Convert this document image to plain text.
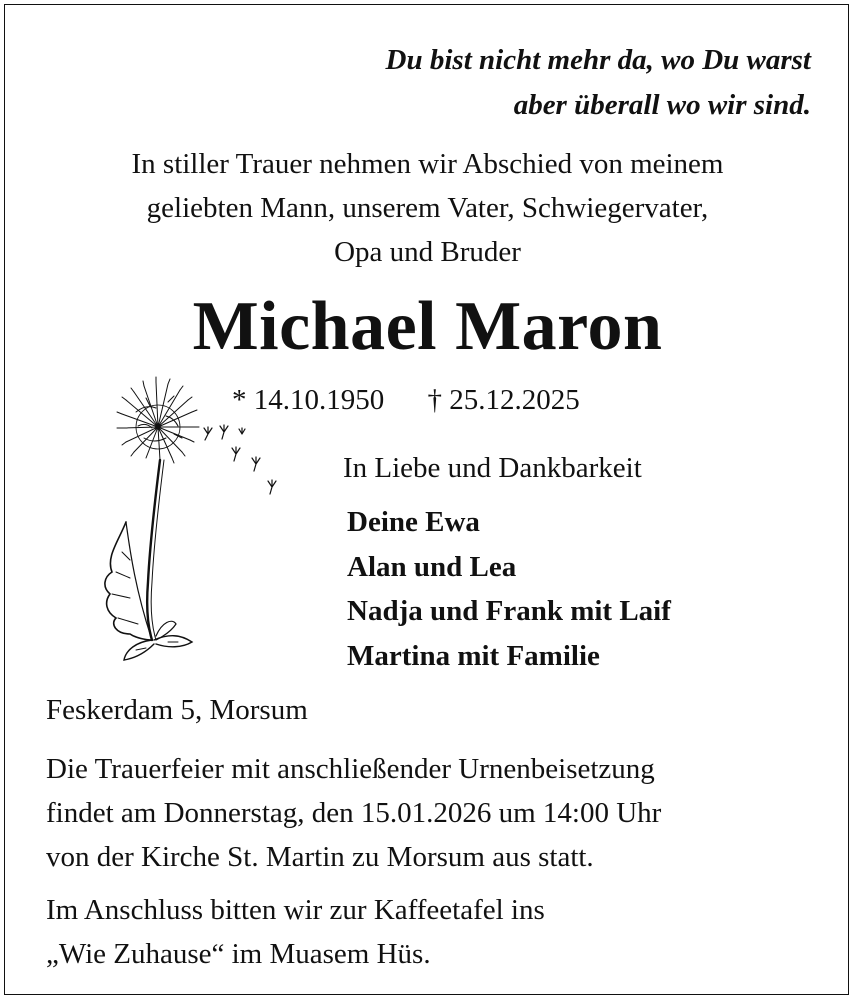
Du bist nicht mehr da, wo Du warst
aber überall wo wir sind.
In stiller Trauer nehmen wir Abschied von meinem
geliebten Mann, unserem Vater, Schwiegervater,
Opa und Bruder
Michael Maron
* 14.10.1950 † 25.12.2025
In Liebe und Dankbarkeit
Deine Ewa
Alan und Lea
Nadja und Frank mit Laif
Martina mit Familie
Feskerdam 5, Morsum
Die Trauerfeier mit anschließender Urnenbeisetzung
findet am Donnerstag, den 15.01.2026 um 14:00 Uhr
von der Kirche St. Martin zu Morsum aus statt.
Im Anschluss bitten wir zur Kaffeetafel ins
„Wie Zuhause“ im Muasem Hüs.
